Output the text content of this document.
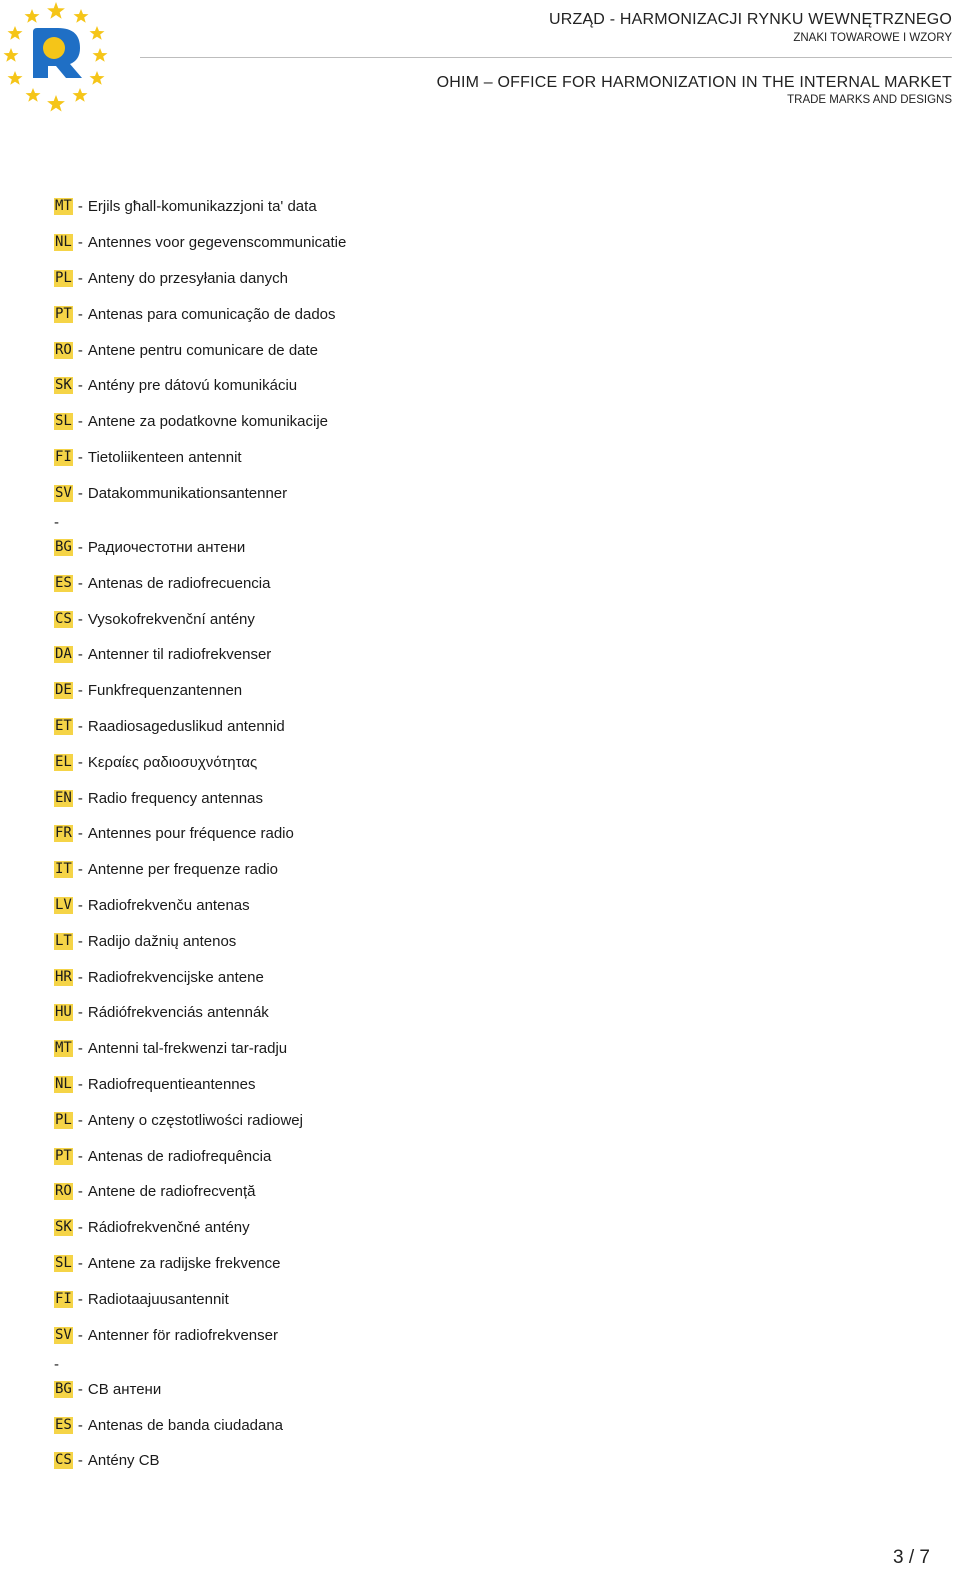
URZĄD - HARMONIZACJI RYNKU WEWNĘTRZNEGO
ZNAKI TOWAROWE I WZORY
OHIM – OFFICE FOR HARMONIZATION IN THE INTERNAL MARKET
TRADE MARKS AND DESIGNS
MT - Erjils għall-komunikazzjoni ta' data
NL - Antennes voor gegevenscommunicatie
PL - Anteny do przesyłania danych
PT - Antenas para comunicação de dados
RO - Antene pentru comunicare de date
SK - Antény pre dátovú komunikáciu
SL - Antene za podatkovne komunikacije
FI - Tietoliikenteen antennit
SV - Datakommunikationsantenner
-
BG - Радиочестотни антени
ES - Antenas de radiofrecuencia
CS - Vysokofrekvenční antény
DA - Antenner til radiofrekvenser
DE - Funkfrequenzantennen
ET - Raadiosageduslikud antennid
EL - Κεραίες ραδιοσυχνότητας
EN - Radio frequency antennas
FR - Antennes pour fréquence radio
IT - Antenne per frequenze radio
LV - Radiofrekvenču antenas
LT - Radijo dažnių antenos
HR - Radiofrekvencijske antene
HU - Rádiófrekvenciás antennák
MT - Antenni tal-frekwenzi tar-radju
NL - Radiofrequentieantennes
PL - Anteny o częstotliwości radiowej
PT - Antenas de radiofrequência
RO - Antene de radiofrecvență
SK - Rádiofrekvenčné antény
SL - Antene za radijske frekvence
FI - Radiotaajuusantennit
SV - Antenner för radiofrekvenser
-
BG - CB антени
ES - Antenas de banda ciudadana
CS - Antény CB
3 / 7
